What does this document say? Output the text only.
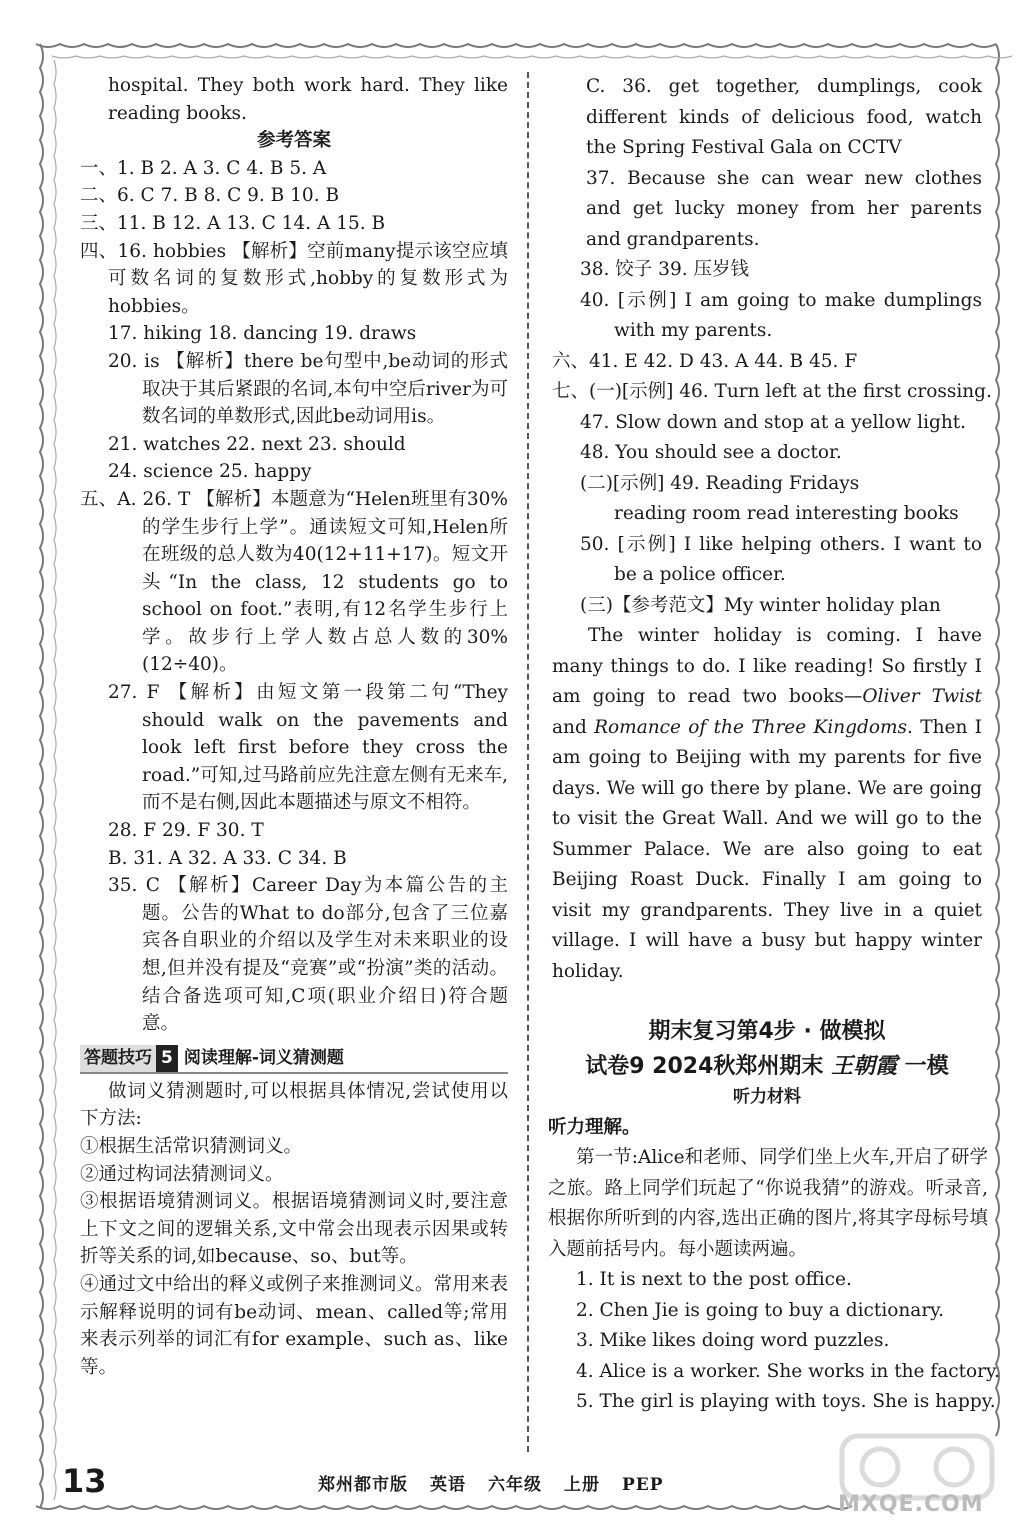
hospital. They both work hard. They like reading books.
参考答案
一、1. B 2. A 3. C 4. B 5. A
二、6. C 7. B 8. C 9. B 10. B
三、11. B 12. A 13. C 14. A 15. B
四、16. hobbies 【解析】空前many提示该空应填可数名词的复数形式,hobby的复数形式为hobbies。
17. hiking 18. dancing 19. draws
20. is 【解析】there be句型中,be动词的形式取决于其后紧跟的名词,本句中空后river为可数名词的单数形式,因此be动词用is。
21. watches 22. next 23. should
24. science 25. happy
五、A. 26. T 【解析】本题意为“Helen班里有30%的学生步行上学”。通读短文可知,Helen所在班级的总人数为40(12+11+17)。短文开头“In the class, 12 students go to school on foot.”表明,有12名学生步行上学。故步行上学人数占总人数的30%(12÷40)。
27. F 【解析】由短文第一段第二句“They should walk on the pavements and look left first before they cross the road.”可知,过马路前应先注意左侧有无来车,而不是右侧,因此本题描述与原文不相符。
28. F 29. F 30. T
B. 31. A 32. A 33. C 34. B
35. C 【解析】Career Day为本篇公告的主题。公告的What to do部分,包含了三位嘉宾各自职业的介绍以及学生对未来职业的设想,但并没有提及“竞赛”或“扮演”类的活动。结合备选项可知,C项(职业介绍日)符合题意。
答题技巧 5 阅读理解-词义猜测题
做词义猜测题时,可以根据具体情况,尝试使用以下方法:
①根据生活常识猜测词义。
②通过构词法猜测词义。
③根据语境猜测词义。根据语境猜测词义时,要注意上下文之间的逻辑关系,文中常会出现表示因果或转折等关系的词,如because、so、but等。
④通过文中给出的释义或例子来推测词义。常用来表示解释说明的词有be动词、mean、called等;常用来表示列举的词汇有for example、such as、like等。
C. 36. get together, dumplings, cook different kinds of delicious food, watch the Spring Festival Gala on CCTV
37. Because she can wear new clothes and get lucky money from her parents and grandparents.
38. 饺子 39. 压岁钱
40. [示例] I am going to make dumplings with my parents.
六、41. E 42. D 43. A 44. B 45. F
七、(一)[示例] 46. Turn left at the first crossing.
47. Slow down and stop at a yellow light.
48. You should see a doctor.
(二)[示例] 49. Reading Fridays
reading room read interesting books
50. [示例] I like helping others. I want to be a police officer.
(三)【参考范文】My winter holiday plan
The winter holiday is coming. I have many things to do. I like reading! So firstly I am going to read two books—Oliver Twist and Romance of the Three Kingdoms. Then I am going to Beijing with my parents for five days. We will go there by plane. We are going to visit the Great Wall. And we will go to the Summer Palace. We are also going to eat Beijing Roast Duck. Finally I am going to visit my grandparents. They live in a quiet village. I will have a busy but happy winter holiday.
期末复习第4步 · 做模拟
试卷9 2024秋郑州期末 王朝霞 一模
听力材料
听力理解。
第一节:Alice和老师、同学们坐上火车,开启了研学之旅。路上同学们玩起了“你说我猜”的游戏。听录音,根据你所听到的内容,选出正确的图片,将其字母标号填入题前括号内。每小题读两遍。
1. It is next to the post office.
2. Chen Jie is going to buy a dictionary.
3. Mike likes doing word puzzles.
4. Alice is a worker. She works in the factory.
5. The girl is playing with toys. She is happy.
13	郑州都市版 英语 六年级 上册 PEP
MXQE.COM
